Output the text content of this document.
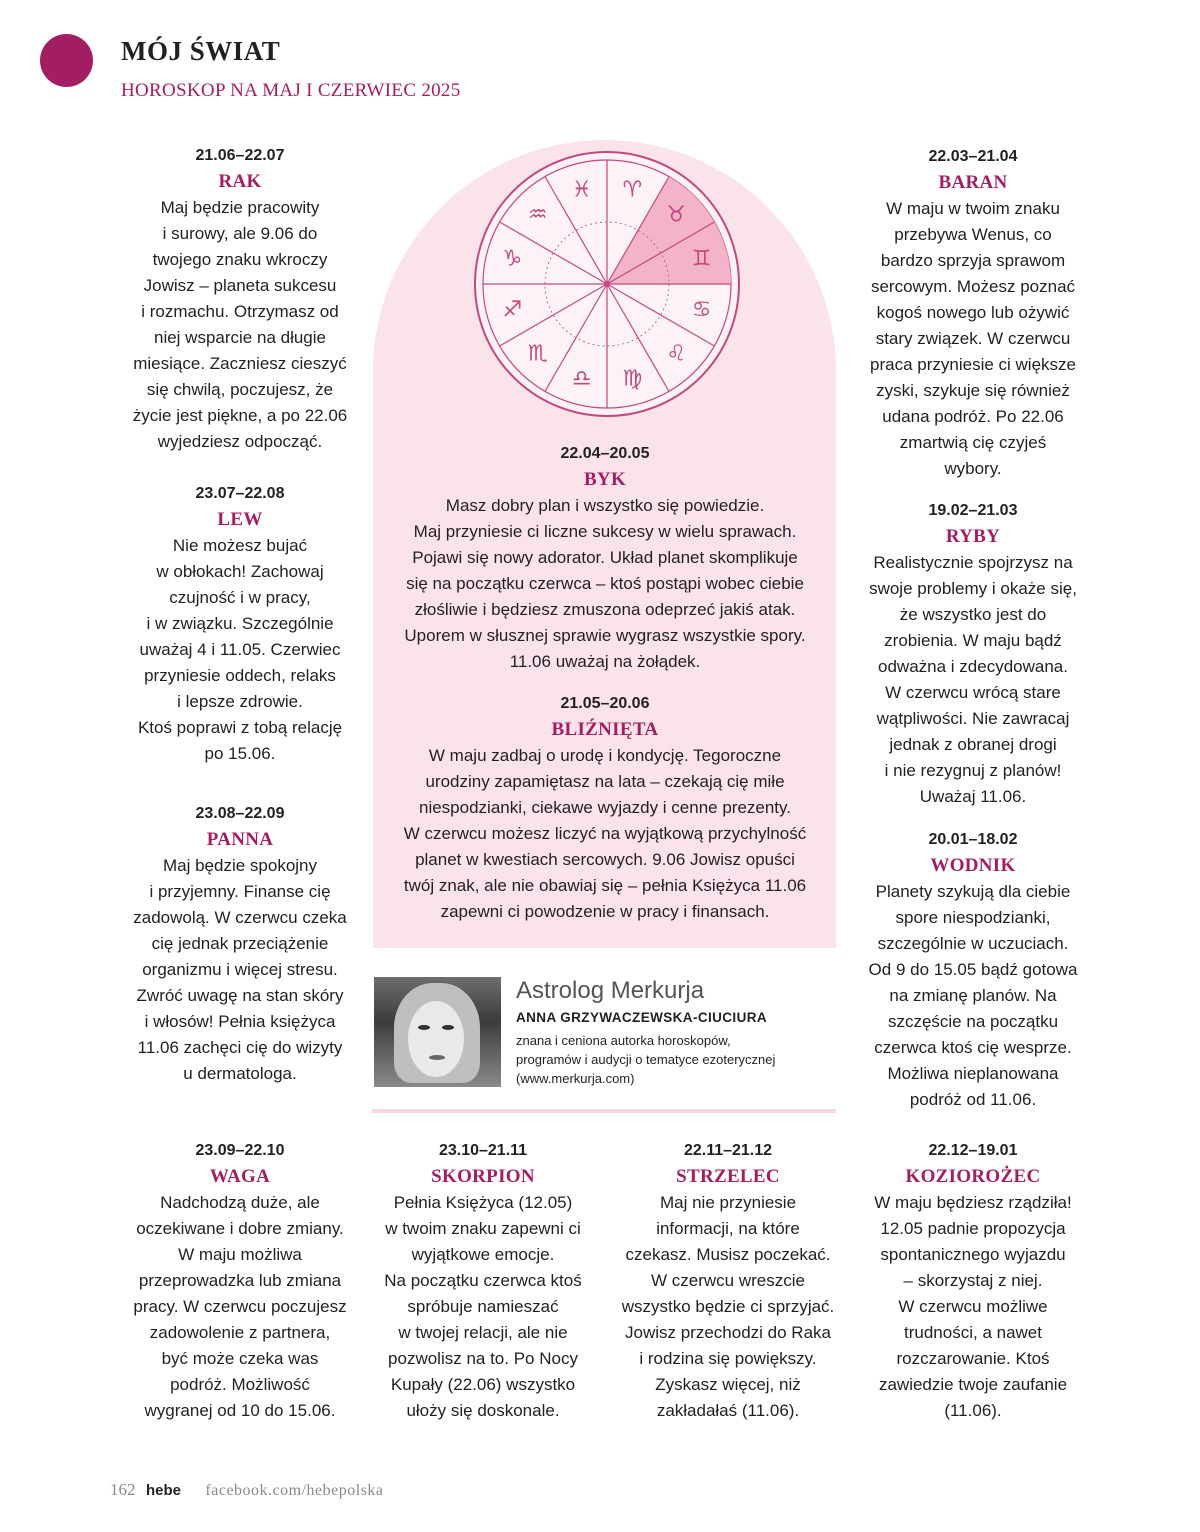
MÓJ ŚWIAT
HOROSKOP NA MAJ I CZERWIEC 2025
♈
♉
♊
♋
♌
♍
♎
♏
♐
♑
♒
♓
21.06–22.07
RAK
Maj będzie pracowity
i surowy, ale 9.06 do
twojego znaku wkroczy
Jowisz – planeta sukcesu
i rozmachu. Otrzymasz od
niej wsparcie na długie
miesiące. Zaczniesz cieszyć
się chwilą, poczujesz, że
życie jest piękne, a po 22.06
wyjedziesz odpocząć.
23.07–22.08
LEW
Nie możesz bujać
w obłokach! Zachowaj
czujność i w pracy,
i w związku. Szczególnie
uważaj 4 i 11.05. Czerwiec
przyniesie oddech, relaks
i lepsze zdrowie.
Ktoś poprawi z tobą relację
po 15.06.
23.08–22.09
PANNA
Maj będzie spokojny
i przyjemny. Finanse cię
zadowolą. W czerwcu czeka
cię jednak przeciążenie
organizmu i więcej stresu.
Zwróć uwagę na stan skóry
i włosów! Pełnia księżyca
11.06 zachęci cię do wizyty
u dermatologa.
22.03–21.04
BARAN
W maju w twoim znaku
przebywa Wenus, co
bardzo sprzyja sprawom
sercowym. Możesz poznać
kogoś nowego lub ożywić
stary związek. W czerwcu
praca przyniesie ci większe
zyski, szykuje się również
udana podróż. Po 22.06
zmartwią cię czyjeś
wybory.
19.02–21.03
RYBY
Realistycznie spojrzysz na
swoje problemy i okaże się,
że wszystko jest do
zrobienia. W maju bądź
odważna i zdecydowana.
W czerwcu wrócą stare
wątpliwości. Nie zawracaj
jednak z obranej drogi
i nie rezygnuj z planów!
Uważaj 11.06.
20.01–18.02
WODNIK
Planety szykują dla ciebie
spore niespodzianki,
szczególnie w uczuciach.
Od 9 do 15.05 bądź gotowa
na zmianę planów. Na
szczęście na początku
czerwca ktoś cię wesprze.
Możliwa nieplanowana
podróż od 11.06.
22.04–20.05
BYK
Masz dobry plan i wszystko się powiedzie.
Maj przyniesie ci liczne sukcesy w wielu sprawach.
Pojawi się nowy adorator. Układ planet skomplikuje
się na początku czerwca – ktoś postąpi wobec ciebie
złośliwie i będziesz zmuszona odeprzeć jakiś atak.
Uporem w słusznej sprawie wygrasz wszystkie spory.
11.06 uważaj na żołądek.
21.05–20.06
BLIŹNIĘTA
W maju zadbaj o urodę i kondycję. Tegoroczne
urodziny zapamiętasz na lata – czekają cię miłe
niespodzianki, ciekawe wyjazdy i cenne prezenty.
W czerwcu możesz liczyć na wyjątkową przychylność
planet w kwestiach sercowych. 9.06 Jowisz opuści
twój znak, ale nie obawiaj się – pełnia Księżyca 11.06
zapewni ci powodzenie w pracy i finansach.
Astrolog Merkurja
ANNA GRZYWACZEWSKA-CIUCIURA
znana i ceniona autorka horoskopów,
programów i audycji o tematyce ezoterycznej
(www.merkurja.com)
23.09–22.10
WAGA
Nadchodzą duże, ale
oczekiwane i dobre zmiany.
W maju możliwa
przeprowadzka lub zmiana
pracy. W czerwcu poczujesz
zadowolenie z partnera,
być może czeka was
podróż. Możliwość
wygranej od 10 do 15.06.
23.10–21.11
SKORPION
Pełnia Księżyca (12.05)
w twoim znaku zapewni ci
wyjątkowe emocje.
Na początku czerwca ktoś
spróbuje namieszać
w twojej relacji, ale nie
pozwolisz na to. Po Nocy
Kupały (22.06) wszystko
ułoży się doskonale.
22.11–21.12
STRZELEC
Maj nie przyniesie
informacji, na które
czekasz. Musisz poczekać.
W czerwcu wreszcie
wszystko będzie ci sprzyjać.
Jowisz przechodzi do Raka
i rodzina się powiększy.
Zyskasz więcej, niż
zakładałaś (11.06).
22.12–19.01
KOZIOROŻEC
W maju będziesz rządziła!
12.05 padnie propozycja
spontanicznego wyjazdu
– skorzystaj z niej.
W czerwcu możliwe
trudności, a nawet
rozczarowanie. Ktoś
zawiedzie twoje zaufanie
(11.06).
162 hebe facebook.com/hebepolska
